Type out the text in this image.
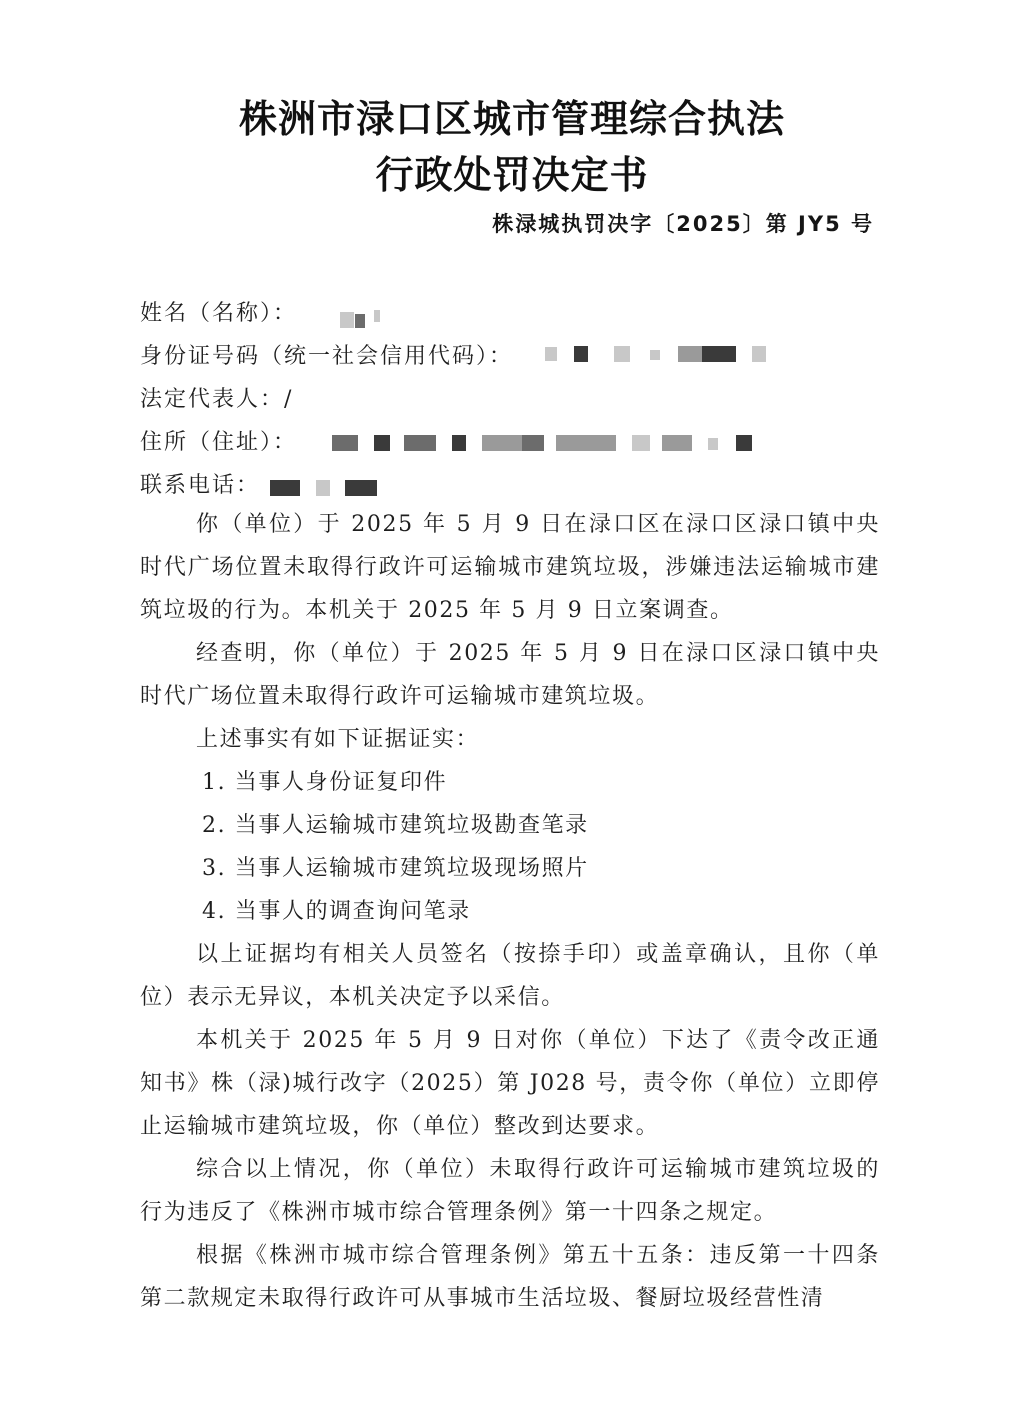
株洲市渌口区城市管理综合执法
行政处罚决定书
株渌城执罚决字〔2025〕第 JY5 号
姓名（名称）：
身份证号码（统一社会信用代码）：
法定代表人：/
住所（住址）：
联系电话：

你（单位）于 2025 年 5 月 9 日在渌口区在渌口区渌口镇中央时代广场位置未取得行政许可运输城市建筑垃圾，涉嫌违法运输城市建筑垃圾的行为。本机关于 2025 年 5 月 9 日立案调查。

经查明，你（单位）于 2025 年 5 月 9 日在渌口区渌口镇中央时代广场位置未取得行政许可运输城市建筑垃圾。

上述事实有如下证据证实：

1. 当事人身份证复印件

2. 当事人运输城市建筑垃圾勘查笔录

3. 当事人运输城市建筑垃圾现场照片

4. 当事人的调查询问笔录

以上证据均有相关人员签名（按捺手印）或盖章确认，且你（单位）表示无异议，本机关决定予以采信。

本机关于 2025 年 5 月 9 日对你（单位）下达了《责令改正通知书》株（渌)城行改字（2025）第 J028 号，责令你（单位）立即停止运输城市建筑垃圾，你（单位）整改到达要求。

综合以上情况，你（单位）未取得行政许可运输城市建筑垃圾的行为违反了《株洲市城市综合管理条例》第一十四条之规定。

根据《株洲市城市综合管理条例》第五十五条：违反第一十四条第二款规定未取得行政许可从事城市生活垃圾、餐厨垃圾经营性清
